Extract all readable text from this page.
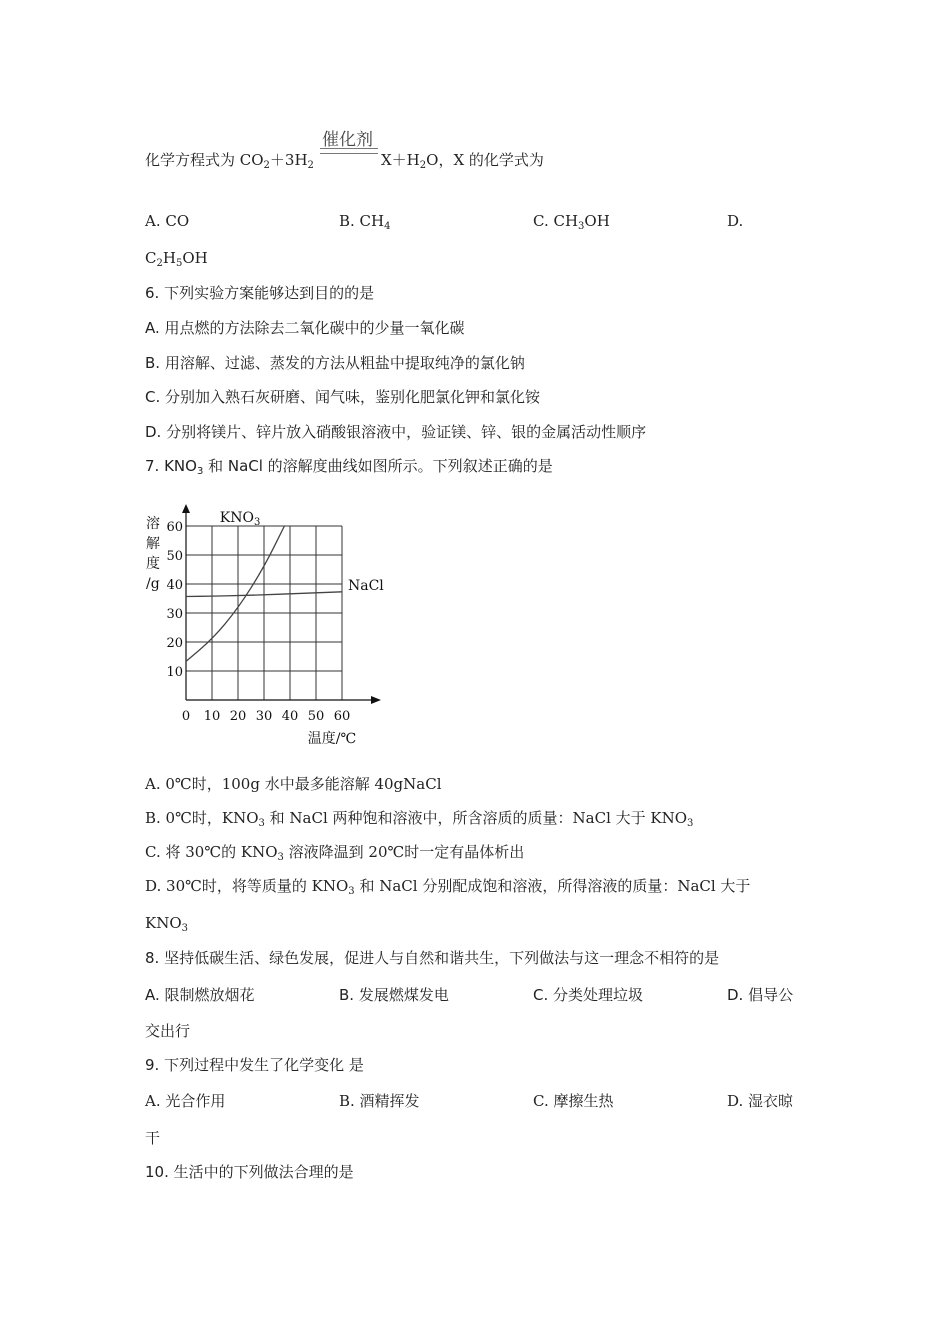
催化剂
化学方程式为 $CO_2+3H_2$	$X+H_2O$，X 的化学式为
A. CO	B. $CH_4$	C. $CH_3OH$	D.
$C_2H_5OH$
6. 下列实验方案能够达到目的的是
A. 用点燃的方法除去二氧化碳中的少量一氧化碳
B. 用溶解、过滤、蒸发的方法从粗盐中提取纯净的氯化钠
C. 分别加入熟石灰研磨、闻气味，鉴别化肥氯化钾和氯化铵
D. 分别将镁片、锌片放入硝酸银溶液中，验证镁、锌、银的金属活动性顺序
7. $KNO_3$ 和 NaCl 的溶解度曲线如图所示。下列叙述正确的是
0 10 20 30 40 50 60
10
20
30
40
50
60
溶
解
度
/g
温度/℃
$KNO_3$
NaCl
A. 0℃时，100g 水中最多能溶解 40gNaCl
B. 0℃时，$KNO_3$ 和 NaCl 两种饱和溶液中，所含溶质的质量：NaCl 大于 $KNO_3$
C. 将 30℃的 $KNO_3$ 溶液降温到 20℃时一定有晶体析出
D. 30℃时，将等质量的 $KNO_3$ 和 NaCl 分别配成饱和溶液，所得溶液的质量：NaCl 大于
$KNO_3$
8. 坚持低碳生活、绿色发展，促进人与自然和谐共生，下列做法与这一理念不相符的是
A. 限制燃放烟花	B. 发展燃煤发电	C. 分类处理垃圾	D. 倡导公
交出行
9. 下列过程中发生了化学变化 是
A. 光合作用	B. 酒精挥发	C. 摩擦生热	D. 湿衣晾
干
10. 生活中的下列做法合理的是
